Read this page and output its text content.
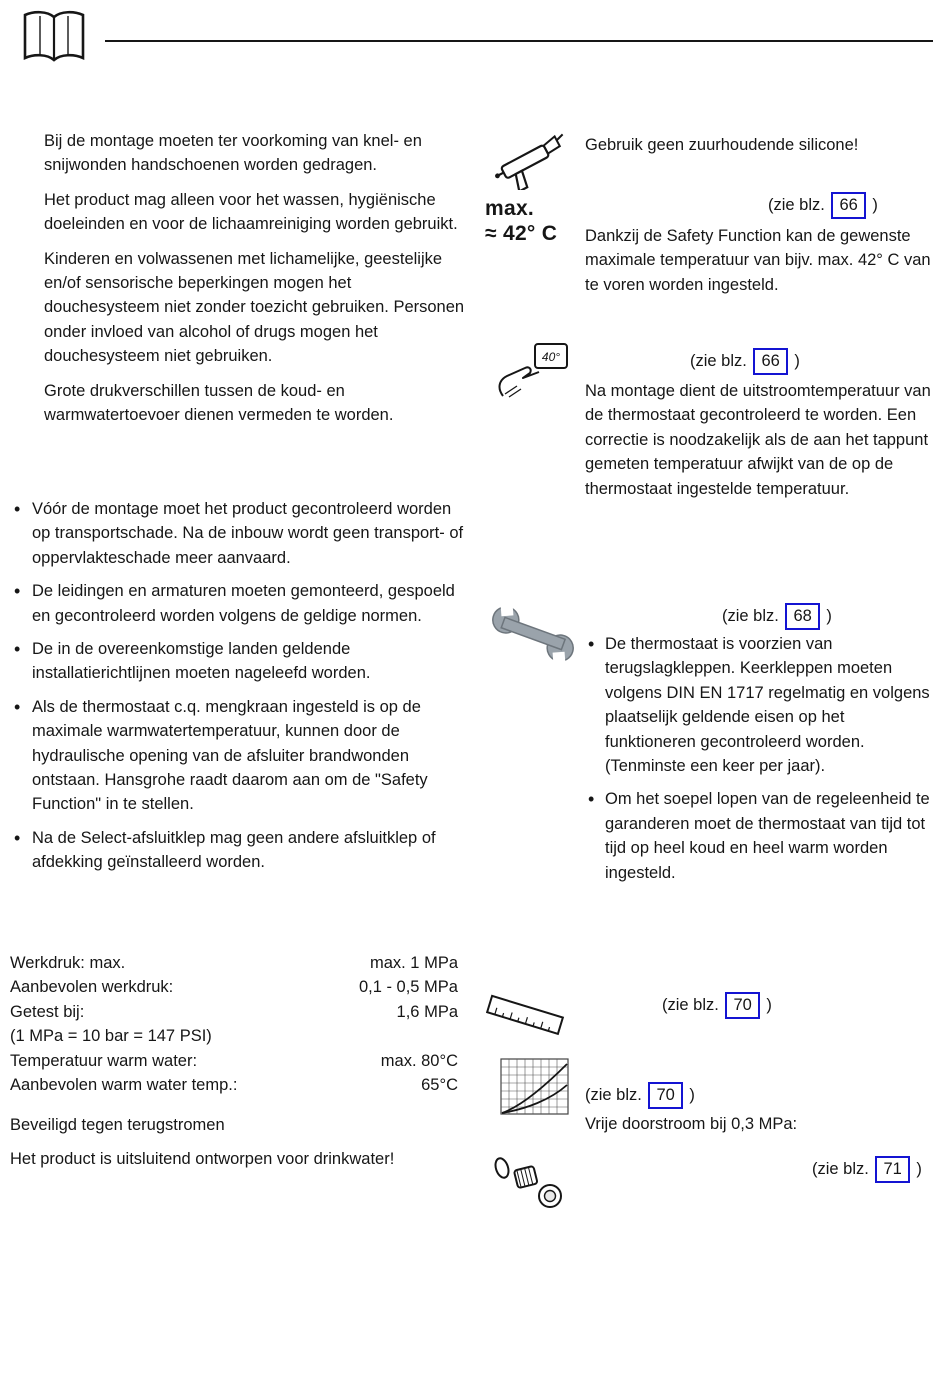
Bij de montage moeten ter voorkoming van knel- en snijwonden handschoenen worden gedragen.

Het product mag alleen voor het wassen, hygiënische doeleinden en voor de lichaamreiniging worden gebruikt.

Kinderen en volwassenen met lichamelijke, geestelijke en/of sensorische beperkingen mogen het douchesysteem niet zonder toezicht gebruiken. Personen onder invloed van alcohol of drugs mogen het douchesysteem niet gebruiken.

Grote drukverschillen tussen de koud- en warmwatertoevoer dienen vermeden te worden.

• Vóór de montage moet het product gecontroleerd worden op transportschade. Na de inbouw wordt geen transport- of oppervlakteschade meer aanvaard.
• De leidingen en armaturen moeten gemonteerd, gespoeld en gecontroleerd worden volgens de geldige normen.
• De in de overeenkomstige landen geldende installatierichtlijnen moeten nageleefd worden.
• Als de thermostaat c.q. mengkraan ingesteld is op de maximale warmwatertemperatuur, kunnen door de hydraulische opening van de afsluiter brandwonden ontstaan. Hansgrohe raadt daarom aan om de "Safety Function" in te stellen.
• Na de Select-afsluitklep mag geen andere afsluitklep of afdekking geïnstalleerd worden.
Werkdruk: max.	max. 1 MPa
Aanbevolen werkdruk:	0,1 - 0,5 MPa
Getest bij:	1,6 MPa
(1 MPa = 10 bar = 147 PSI)
Temperatuur warm water:	max. 80°C
Aanbevolen warm water temp.:	65°C

Beveiligd tegen terugstromen

Het product is uitsluitend ontworpen voor drinkwater!

Gebruik geen zuurhoudende silicone!
max.
≈ 42° C
(zie blz. 66 )
Dankzij de Safety Function kan de gewenste maximale temperatuur van bijv. max. 42° C van te voren worden ingesteld.
40°	(zie blz. 66 )
Na montage dient de uitstroomtemperatuur van de thermostaat gecontroleerd te worden. Een correctie is noodzakelijk als de aan het tappunt gemeten temperatuur afwijkt van de op de thermostaat ingestelde temperatuur.
(zie blz. 68 )
• De thermostaat is voorzien van terugslagkleppen. Keerkleppen moeten volgens DIN EN 1717 regelmatig en volgens plaatselijk geldende eisen op het funktioneren gecontroleerd worden. (Tenminste een keer per jaar).
• Om het soepel lopen van de regeleenheid te garanderen moet de thermostaat van tijd tot tijd op heel koud en heel warm worden ingesteld.
(zie blz. 70 )
(zie blz. 70 )
Vrije doorstroom bij 0,3 MPa:
(zie blz. 71 )
